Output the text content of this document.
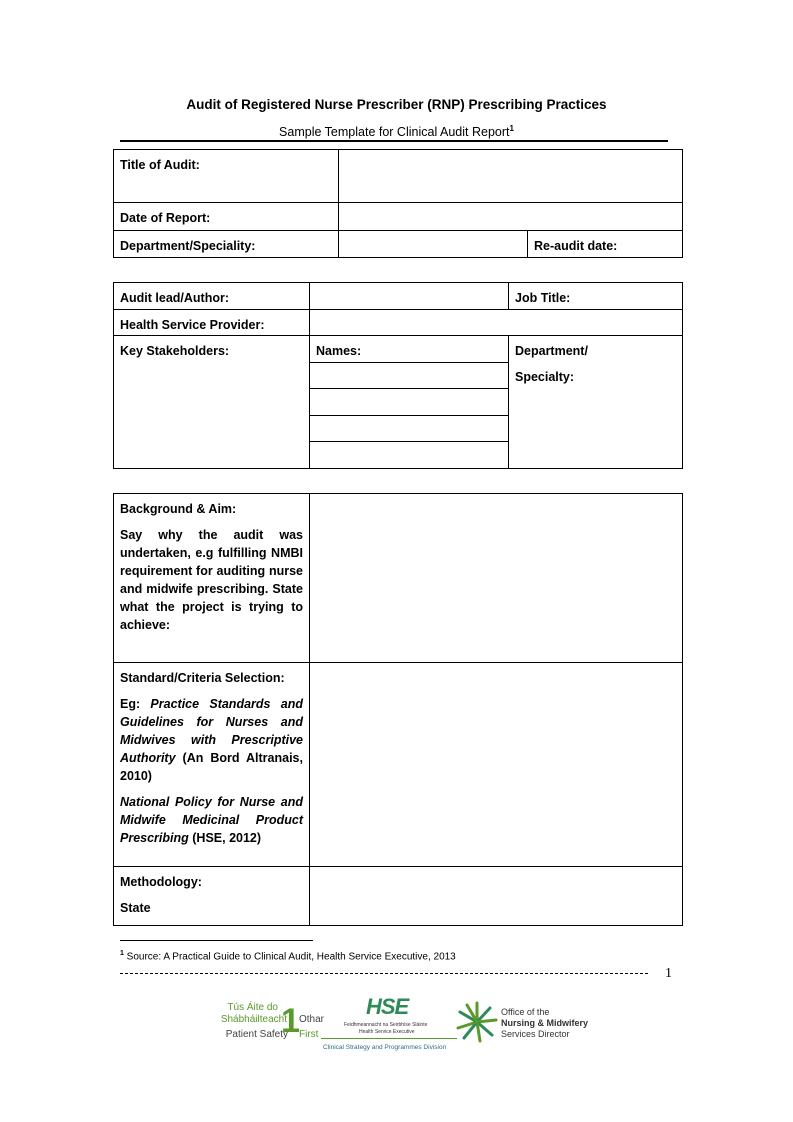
Audit of Registered Nurse Prescriber (RNP) Prescribing Practices
Sample Template for Clinical Audit Report$^1$
Title of Audit:		
Date of Report:		
Department/Speciality:		Re-audit date:
Audit lead/Author:		Job Title:
Health Service Provider:		
Key Stakeholders:	Names:	Department/
Specialty:

Background & Aim:

Say why the audit was undertaken, e.g fulfilling NMBI requirement for auditing nurse and midwife prescribing. State what the project is trying to achieve:	

Standard/Criteria Selection:

Eg: Practice Standards and Guidelines for Nurses and Midwives with Prescriptive Authority (An Bord Altranais, 2010)

National Policy for Nurse and Midwife Medicinal Product Prescribing (HSE, 2012)	

Methodology:

State	

$^1$ Source: A Practical Guide to Clinical Audit, Health Service Executive, 2013
1
Tús Áite do
Shábháilteacht
Patient Safety
1 Othar
First
HSE
Feidhmeannacht na Seirbhíse Sláinte
Health Service Executive
Clinical Strategy and Programmes Division
Office of the
Nursing & Midwifery
Services Director
